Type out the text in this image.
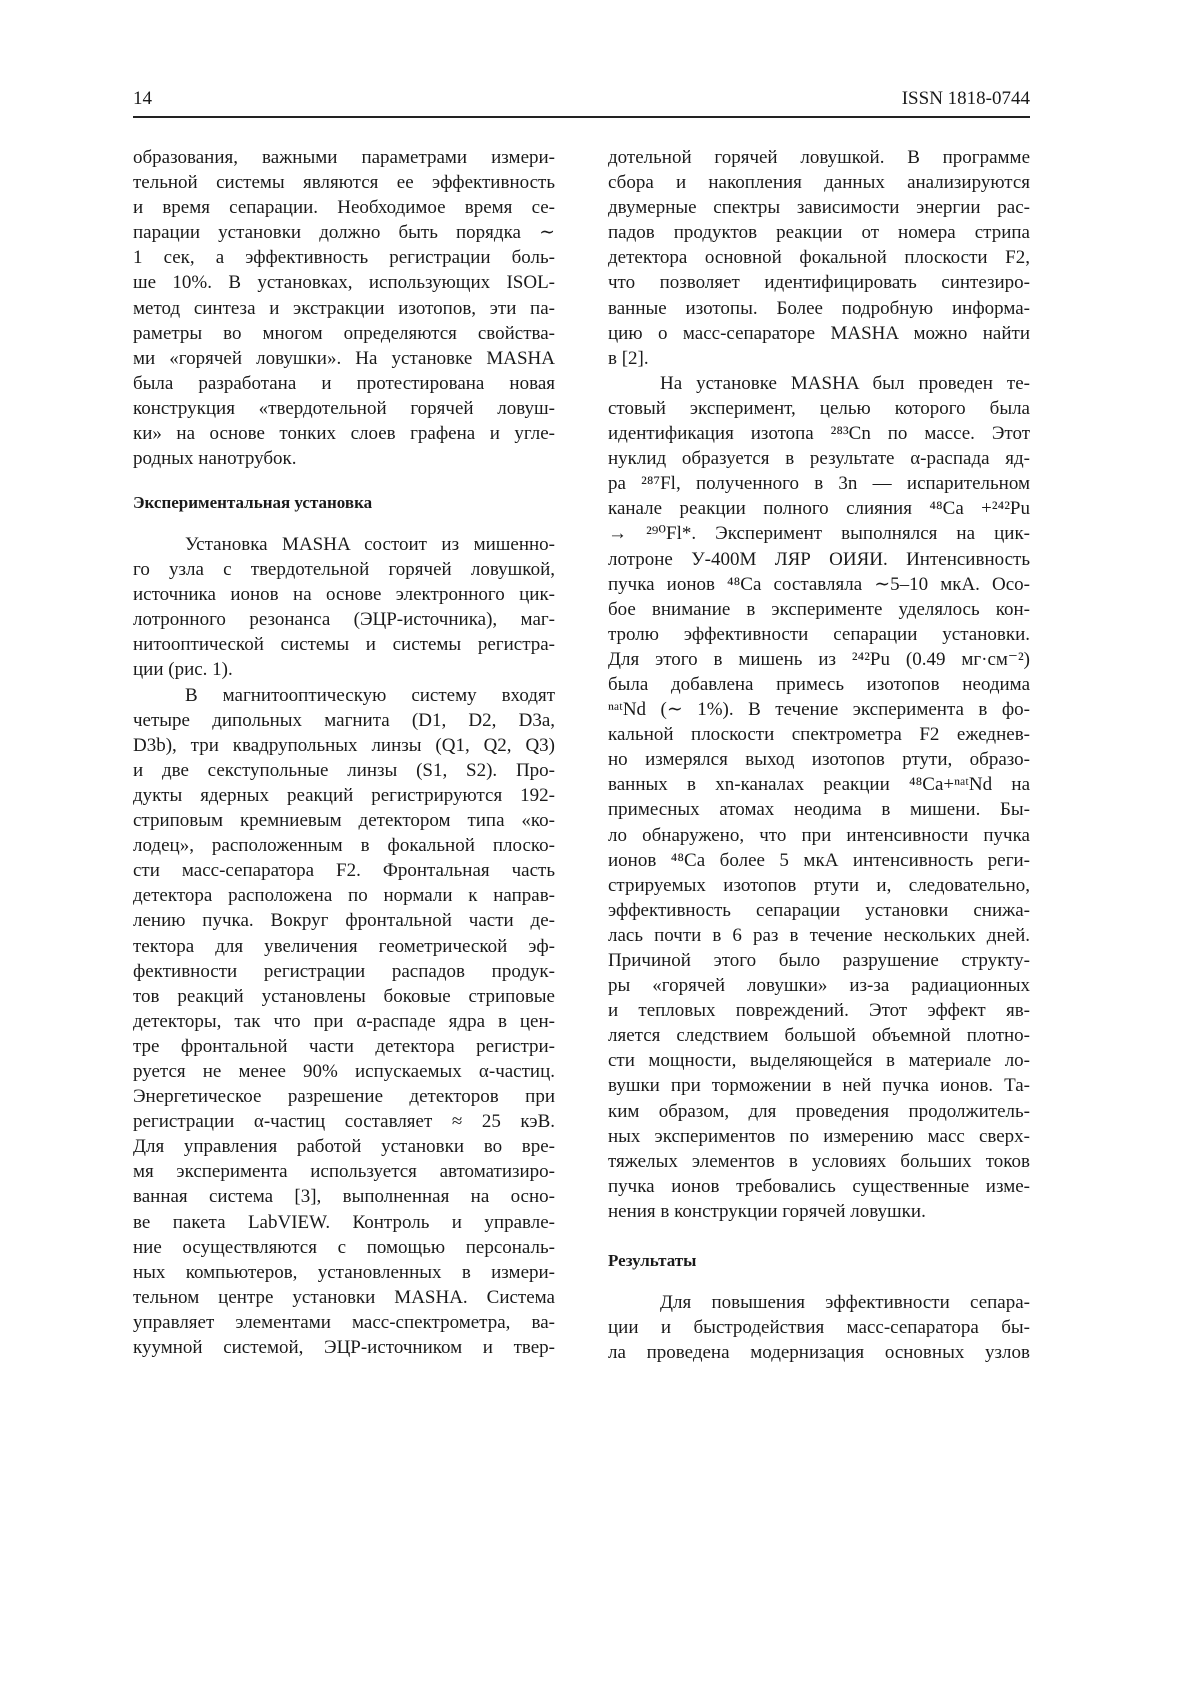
14	ISSN 1818-0744
образования, важными параметрами измери-
тельной системы являются ее эффективность
и время сепарации. Необходимое время се-
парации установки должно быть порядка ∼
1 сек, а эффективность регистрации боль-
ше 10%. В установках, использующих ISOL-
метод синтеза и экстракции изотопов, эти па-
раметры во многом определяются свойства-
ми «горячей ловушки». На установке MASHA
была разработана и протестирована новая
конструкция «твердотельной горячей ловуш-
ки» на основе тонких слоев графена и угле-
родных нанотрубок.
Экспериментальная установка
Установка MASHA состоит из мишенно-
го узла с твердотельной горячей ловушкой,
источника ионов на основе электронного цик-
лотронного резонанса (ЭЦР-источника), маг-
нитооптической системы и системы регистра-
ции (рис. 1).
В магнитооптическую систему входят
четыре дипольных магнита (D1, D2, D3a,
D3b), три квадрупольных линзы (Q1, Q2, Q3)
и две секступольные линзы (S1, S2). Про-
дукты ядерных реакций регистрируются 192-
стриповым кремниевым детектором типа «ко-
лодец», расположенным в фокальной плоско-
сти масс-сепаратора F2. Фронтальная часть
детектора расположена по нормали к направ-
лению пучка. Вокруг фронтальной части де-
тектора для увеличения геометрической эф-
фективности регистрации распадов продук-
тов реакций установлены боковые стриповые
детекторы, так что при α-распаде ядра в цен-
тре фронтальной части детектора регистри-
руется не менее 90% испускаемых α-частиц.
Энергетическое разрешение детекторов при
регистрации α-частиц составляет ≈ 25 кэВ.
Для управления работой установки во вре-
мя эксперимента используется автоматизиро-
ванная система [3], выполненная на осно-
ве пакета LabVIEW. Контроль и управле-
ние осуществляются с помощью персональ-
ных компьютеров, установленных в измери-
тельном центре установки MASHA. Система
управляет элементами масс-спектрометра, ва-
куумной системой, ЭЦР-источником и твер-
дотельной горячей ловушкой. В программе
сбора и накопления данных анализируются
двумерные спектры зависимости энергии рас-
падов продуктов реакции от номера стрипа
детектора основной фокальной плоскости F2,
что позволяет идентифицировать синтезиро-
ванные изотопы. Более подробную информа-
цию о масс-сепараторе MASHA можно найти
в [2].
На установке MASHA был проведен те-
стовый эксперимент, целью которого была
идентификация изотопа ²⁸³Cn по массе. Этот
нуклид образуется в результате α-распада яд-
ра ²⁸⁷Fl, полученного в 3n — испарительном
канале реакции полного слияния ⁴⁸Ca +²⁴²Pu
→ ²⁹⁰Fl*. Эксперимент выполнялся на цик-
лотроне У-400М ЛЯР ОИЯИ. Интенсивность
пучка ионов ⁴⁸Ca составляла ∼5–10 мкА. Осо-
бое внимание в эксперименте уделялось кон-
тролю эффективности сепарации установки.
Для этого в мишень из ²⁴²Pu (0.49 мг·см⁻²)
была добавлена примесь изотопов неодима
ⁿᵃᵗNd (∼ 1%). В течение эксперимента в фо-
кальной плоскости спектрометра F2 ежеднев-
но измерялся выход изотопов ртути, образо-
ванных в xn-каналах реакции ⁴⁸Ca+ⁿᵃᵗNd на
примесных атомах неодима в мишени. Бы-
ло обнаружено, что при интенсивности пучка
ионов ⁴⁸Ca более 5 мкА интенсивность реги-
стрируемых изотопов ртути и, следовательно,
эффективность сепарации установки снижа-
лась почти в 6 раз в течение нескольких дней.
Причиной этого было разрушение структу-
ры «горячей ловушки» из-за радиационных
и тепловых повреждений. Этот эффект яв-
ляется следствием большой объемной плотно-
сти мощности, выделяющейся в материале ло-
вушки при торможении в ней пучка ионов. Та-
ким образом, для проведения продолжитель-
ных экспериментов по измерению масс сверх-
тяжелых элементов в условиях больших токов
пучка ионов требовались существенные изме-
нения в конструкции горячей ловушки.
Результаты
Для повышения эффективности сепара-
ции и быстродействия масс-сепаратора бы-
ла проведена модернизация основных узлов
